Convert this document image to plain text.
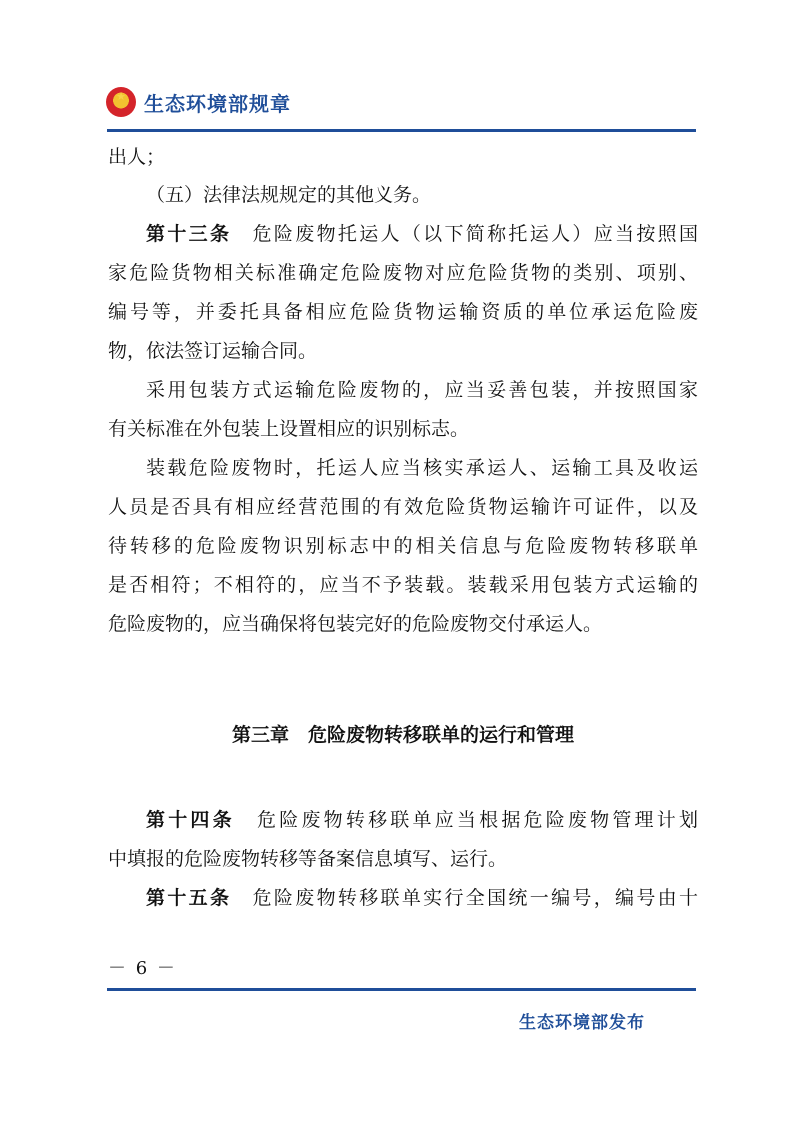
★ 生态环境部规章
出人；
（五）法律法规规定的其他义务。
第十三条　 危险废物托运人（以下简称托运人）应当按照国
家危险货物相关标准确定危险废物对应危险货物的类别、项别、
编号等，并委托具备相应危险货物运输资质的单位承运危险废
物，依法签订运输合同。
采用包装方式运输危险废物的，应当妥善包装，并按照国家
有关标准在外包装上设置相应的识别标志。
装载危险废物时，托运人应当核实承运人、运输工具及收运
人员是否具有相应经营范围的有效危险货物运输许可证件，以及
待转移的危险废物识别标志中的相关信息与危险废物转移联单
是否相符；不相符的，应当不予装载。装载采用包装方式运输的
危险废物的，应当确保将包装完好的危险废物交付承运人。
第三章　 危险废物转移联单的运行和管理
第十四条　 危险废物转移联单应当根据危险废物管理计划
中填报的危险废物转移等备案信息填写、运行。
第十五条　 危险废物转移联单实行全国统一编号，编号由十
－ 6 －
生态环境部发布
